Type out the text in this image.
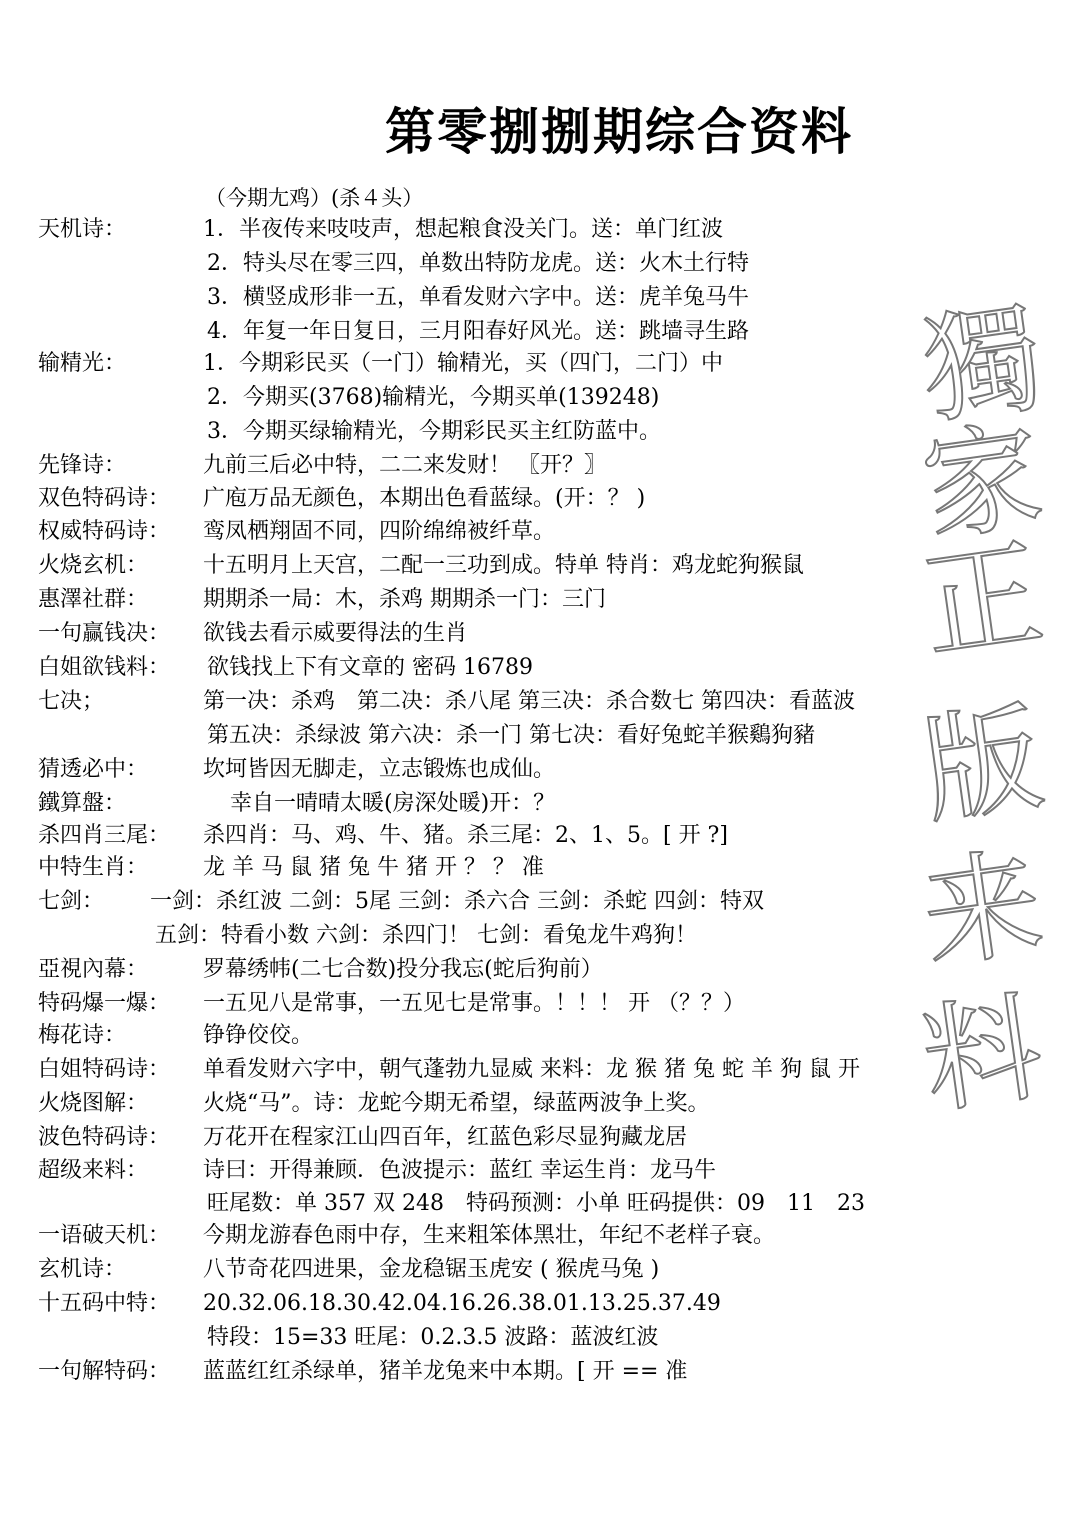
第零捌捌期综合资料
（今期尢鸡）(杀４头）
獨
家
正
版
来
料
天机诗：	1．半夜传来吱吱声，想起粮食没关门。送：单门红波
2．特头尽在零三四，单数出特防龙虎。送：火木土行特
3．横竖成形非一五，单看发财六字中。送：虎羊兔马牛
4．年复一年日复日，三月阳春好风光。送：跳墙寻生路
输精光：	1．今期彩民买（一门）输精光，买（四门，二门）中
2．今期买(3768)输精光，今期买单(139248)
3．今期买绿输精光，今期彩民买主红防蓝中。
先锋诗：	九前三后必中特，二二来发财！ 〖开？〗
双色特码诗： 广庖万品无颜色，本期出色看蓝绿。(开：？ )
权威特码诗： 鸾凤栖翔固不同，四阶绵绵被纤草。
火烧玄机： 十五明月上天宫，二配一三功到成。特单 特肖：鸡龙蛇狗猴鼠
惠澤社群： 期期杀一局：木，杀鸡 期期杀一门：三门
一句赢钱决： 欲钱去看示威要得法的生肖
白姐欲钱料： 欲钱找上下有文章的 密码 16789
七决；	第一决：杀鸡　第二决：杀八尾 第三决：杀合数七 第四决：看蓝波
第五决：杀绿波 第六决：杀一门 第七决：看好兔蛇羊猴鷄狗豬
猜透必中： 坎坷皆因无脚走，立志锻炼也成仙。
鐵算盤：	幸自一晴晴太暖(房深处暖)开：？
杀四肖三尾： 杀四肖：马、鸡、牛、猪。杀三尾：2、1、5。[ 开 ?]
中特生肖： 龙 羊 马 鼠 猪 兔 牛 猪 开 ？ ？ 准
七剑： 一剑：杀红波 二剑：5尾 三剑：杀六合 三剑：杀蛇 四剑：特双
五剑：特看小数 六剑：杀四门！ 七剑：看兔龙牛鸡狗！
亞視內幕： 罗幕绣帏(二七合数)投分我忘(蛇后狗前）
特码爆一爆： 一五见八是常事，一五见七是常事。！！！ 开 （？？）
梅花诗：	铮铮佼佼。
白姐特码诗： 单看发财六字中，朝气蓬勃九显威 来料：龙 猴 猪 兔 蛇 羊 狗 鼠 开
火烧图解： 火烧“马”。诗：龙蛇今期无希望，绿蓝两波争上奖。
波色特码诗： 万花开在程家江山四百年，红蓝色彩尽显狗藏龙居
超级来料： 诗曰：开得兼顾．色波提示：蓝红 幸运生肖：龙马牛
旺尾数：单 357 双 248　特码预测：小单 旺码提供：09　11　23
一语破天机： 今期龙游春色雨中存，生来粗笨体黑壮，年纪不老样子衰。
玄机诗：	八节奇花四进果，金龙稳锯玉虎安 ( 猴虎马兔 )
十五码中特： 20.32.06.18.30.42.04.16.26.38.01.13.25.37.49
特段：15=33 旺尾：0.2.3.5 波路：蓝波红波
一句解特码： 蓝蓝红红杀绿单，猪羊龙兔来中本期。[ 开 == 准
